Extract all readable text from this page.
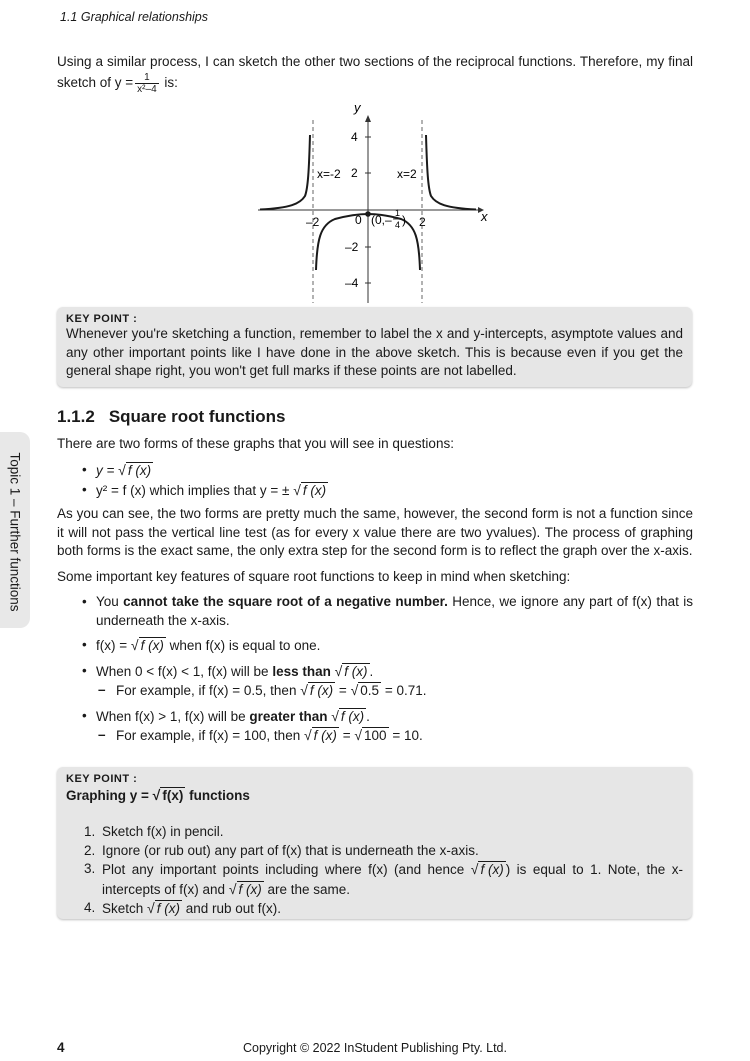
1.1 Graphical relationships
Topic 1 – Further functions
Using a similar process, I can sketch the other two sections of the reciprocal functions. Therefore, my final sketch of $y = \frac{1}{\text{x²–4}}$ is:
y
x
4
2
–2
–4
–2	2
0 (0,– 1
4 )
x=-2	x=2
KEY POINT :
Whenever you're sketching a function, remember to label the x and y-intercepts, asymptote values and any other important points like I have done in the above sketch. This is because even if you get the general shape right, you won't get full marks if these points are not labelled.
1.1.2 Square root functions
There are two forms of these graphs that you will see in questions:
• y = √ f (x)
• y² = f (x) which implies that y = ± √ f (x)
As you can see, the two forms are pretty much the same, however, the second form is not a function since it will not pass the vertical line test (as for every x value there are two yvalues). The process of graphing both forms is the exact same, the only extra step for the second form is to reflect the graph over the x-axis.
Some important key features of square root functions to keep in mind when sketching:
• You cannot take the square root of a negative number. Hence, we ignore any part of f(x) that is underneath the x-axis.
• f(x) = √ f (x) when f(x) is equal to one.
• When 0 < f(x) < 1, f(x) will be less than √ f (x) .
– For example, if f(x) = 0.5, then √ f (x) = √ 0.5 = 0.71.
• When f(x) > 1, f(x) will be greater than √ f (x) .
– For example, if f(x) = 100, then √ f (x) = √ 100 = 10.
KEY POINT :
Graphing y = √ f(x) functions
1. Sketch f(x) in pencil.
2. Ignore (or rub out) any part of f(x) that is underneath the x-axis.
3. Plot any important points including where f(x) (and hence √ f (x) ) is equal to 1. Note, the x-intercepts of f(x) and √ f (x) are the same.
4. Sketch √ f (x) and rub out f(x).
4	Copyright © 2022 InStudent Publishing Pty. Ltd.
